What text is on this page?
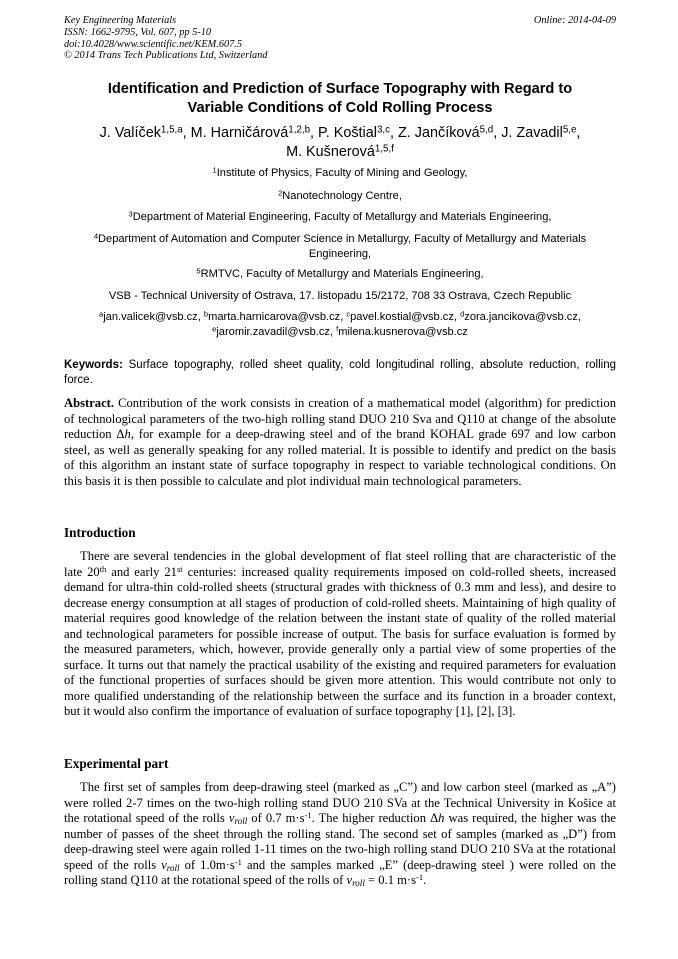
Key Engineering Materials
ISSN: 1662-9795, Vol. 607, pp 5-10
doi:10.4028/www.scientific.net/KEM.607.5
© 2014 Trans Tech Publications Ltd, Switzerland
Online: 2014-04-09
Identification and Prediction of Surface Topography with Regard to
Variable Conditions of Cold Rolling Process
J. Valíček$^{1,5,a}$, M. Harničárová$^{1,2,b}$, P. Koštial$^{3,c}$, Z. Jančíková$^{5,d}$, J. Zavadil$^{5,e}$,
M. Kušnerová$^{1,5,f}$
$^1$Institute of Physics, Faculty of Mining and Geology,
$^2$Nanotechnology Centre,
$^3$Department of Material Engineering, Faculty of Metallurgy and Materials Engineering,
$^4$Department of Automation and Computer Science in Metallurgy, Faculty of Metallurgy and Materials Engineering,
$^5$RMTVC, Faculty of Metallurgy and Materials Engineering,
VSB - Technical University of Ostrava, 17. listopadu 15/2172, 708 33 Ostrava, Czech Republic
$^a$jan.valicek@vsb.cz, $^b$marta.harnicarova@vsb.cz, $^c$pavel.kostial@vsb.cz, $^d$zora.jancikova@vsb.cz,
$^e$jaromir.zavadil@vsb.cz, $^f$milena.kusnerova@vsb.cz
Keywords: Surface topography, rolled sheet quality, cold longitudinal rolling, absolute reduction, rolling force.
Abstract. Contribution of the work consists in creation of a mathematical model (algorithm) for prediction of technological parameters of the two-high rolling stand DUO 210 Sva and Q110 at change of the absolute reduction Δh, for example for a deep-drawing steel and of the brand KOHAL grade 697 and low carbon steel, as well as generally speaking for any rolled material. It is possible to identify and predict on the basis of this algorithm an instant state of surface topography in respect to variable technological conditions. On this basis it is then possible to calculate and plot individual main technological parameters.
Introduction
There are several tendencies in the global development of flat steel rolling that are characteristic of the late 20th and early 21st centuries: increased quality requirements imposed on cold-rolled sheets, increased demand for ultra-thin cold-rolled sheets (structural grades with thickness of 0.3 mm and less), and desire to decrease energy consumption at all stages of production of cold-rolled sheets. Maintaining of high quality of material requires good knowledge of the relation between the instant state of quality of the rolled material and technological parameters for possible increase of output. The basis for surface evaluation is formed by the measured parameters, which, however, provide generally only a partial view of some properties of the surface. It turns out that namely the practical usability of the existing and required parameters for evaluation of the functional properties of surfaces should be given more attention. This would contribute not only to more qualified understanding of the relationship between the surface and its function in a broader context, but it would also confirm the importance of evaluation of surface topography [1], [2], [3].
Experimental part
The first set of samples from deep-drawing steel (marked as „C”) and low carbon steel (marked as „A”) were rolled 2-7 times on the two-high rolling stand DUO 210 SVa at the Technical University in Košice at the rotational speed of the rolls $v_{roll}$ of 0.7 $m\cdot s^{-1}$. The higher reduction Δh was required, the higher was the number of passes of the sheet through the rolling stand. The second set of samples (marked as „D”) from deep-drawing steel were again rolled 1-11 times on the two-high rolling stand DUO 210 SVa at the rotational speed of the rolls $v_{roll}$ of $1.0m\cdot s^{-1}$ and the samples marked „E” (deep-drawing steel ) were rolled on the rolling stand Q110 at the rotational speed of the rolls of $v_{roll} = 0.1$ $m\cdot s^{-1}$.
